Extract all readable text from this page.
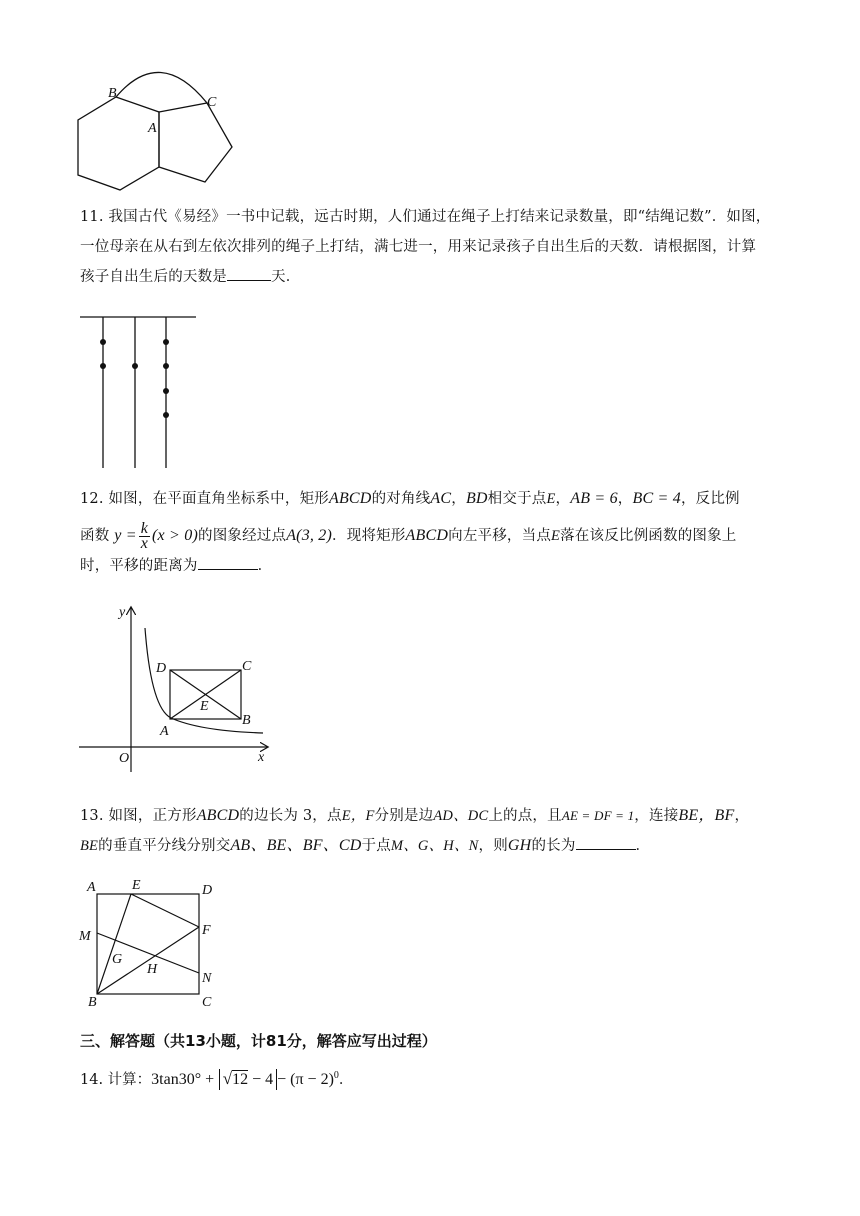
B
A
C
11. 我国古代《易经》一书中记载，远古时期，人们通过在绳子上打结来记录数量，即“结绳记数”．如图，
一位母亲在从右到左依次排列的绳子上打结，满七进一，用来记录孩子自出生后的天数．请根据图，计算
孩子自出生后的天数是	天．
12. 如图，在平面直角坐标系中，矩形ABCD的对角线AC，BD相交于点E，AB = 6，BC = 4，反比例
函数 $y = \frac{k}{x} (x > 0)$的图象经过点A(3, 2)．现将矩形ABCD向左平移，当点E落在该反比例函数的图象上
时，平移的距离为	．
y
x
O
D	C
E
B
A
13. 如图，正方形ABCD的边长为 3，点E，F分别是边AD、DC上的点，且AE = DF = 1，连接BE，BF，
BE的垂直平分线分别交AB、BE、BF、CD于点M、G、H、N，则GH的长为	．
A	E	D
M	F
G
H
N
B	C
三、解答题（共13小题，计81分，解答应写出过程）
14. 计算：$3\tan 30^\circ + √12 - 4 - (\pi - 2)^0$．
